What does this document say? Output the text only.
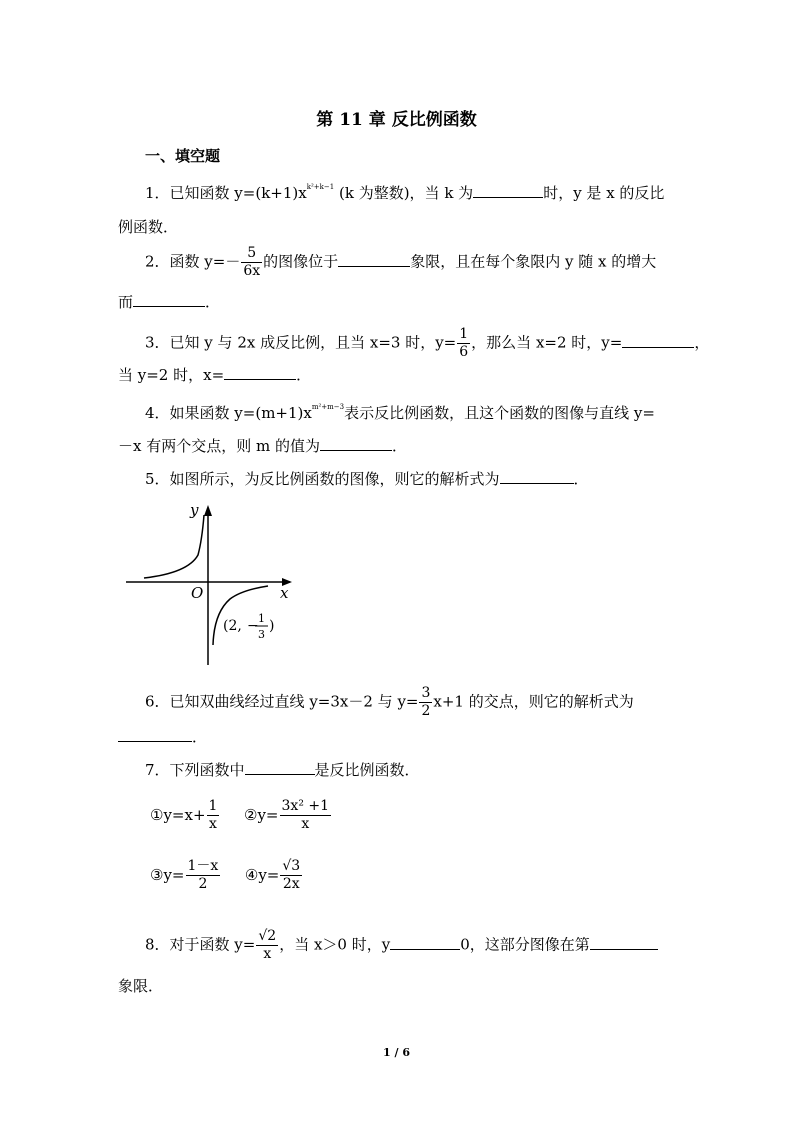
第 11 章 反比例函数
一、填空题
1．已知函数 $y=(k+1)x^{k^2+k-1}$ (k 为整数)，当 k 为	时，y 是 x 的反比
例函数．
2．函数 $y=- \frac{5}{6x}$ 的图像位于	象限，且在每个象限内 y 随 x 的增大
而	．
3．已知 y 与 2x 成反比例，且当 x=3 时，$y= \frac{1}{6}$ ，那么当 x=2 时，y=	，
当 y=2 时，x=	．
4．如果函数 $y=(m+1)x^{m^2+m-3}$表示反比例函数，且这个函数的图像与直线 y=
－x 有两个交点，则 m 的值为	．
5．如图所示，为反比例函数的图像，则它的解析式为	．
y
x
O
(2, − 1
3
)
6．已知双曲线经过直线 y=3x－2 与 $y= \frac{3}{2} x+1$ 的交点，则它的解析式为
．
7．下列函数中	是反比例函数．
①y=x+ $\frac{1}{x}$ ②y= $\frac{\text{3x² +1}}{x}$
③y= $\frac{1-x}{2}$ ④y= $\frac{√3}{2x}$
8．对于函数 $y= \frac{√2}{x}$ ，当 x＞0 时，y	0，这部分图像在第
象限．
1 / 6
